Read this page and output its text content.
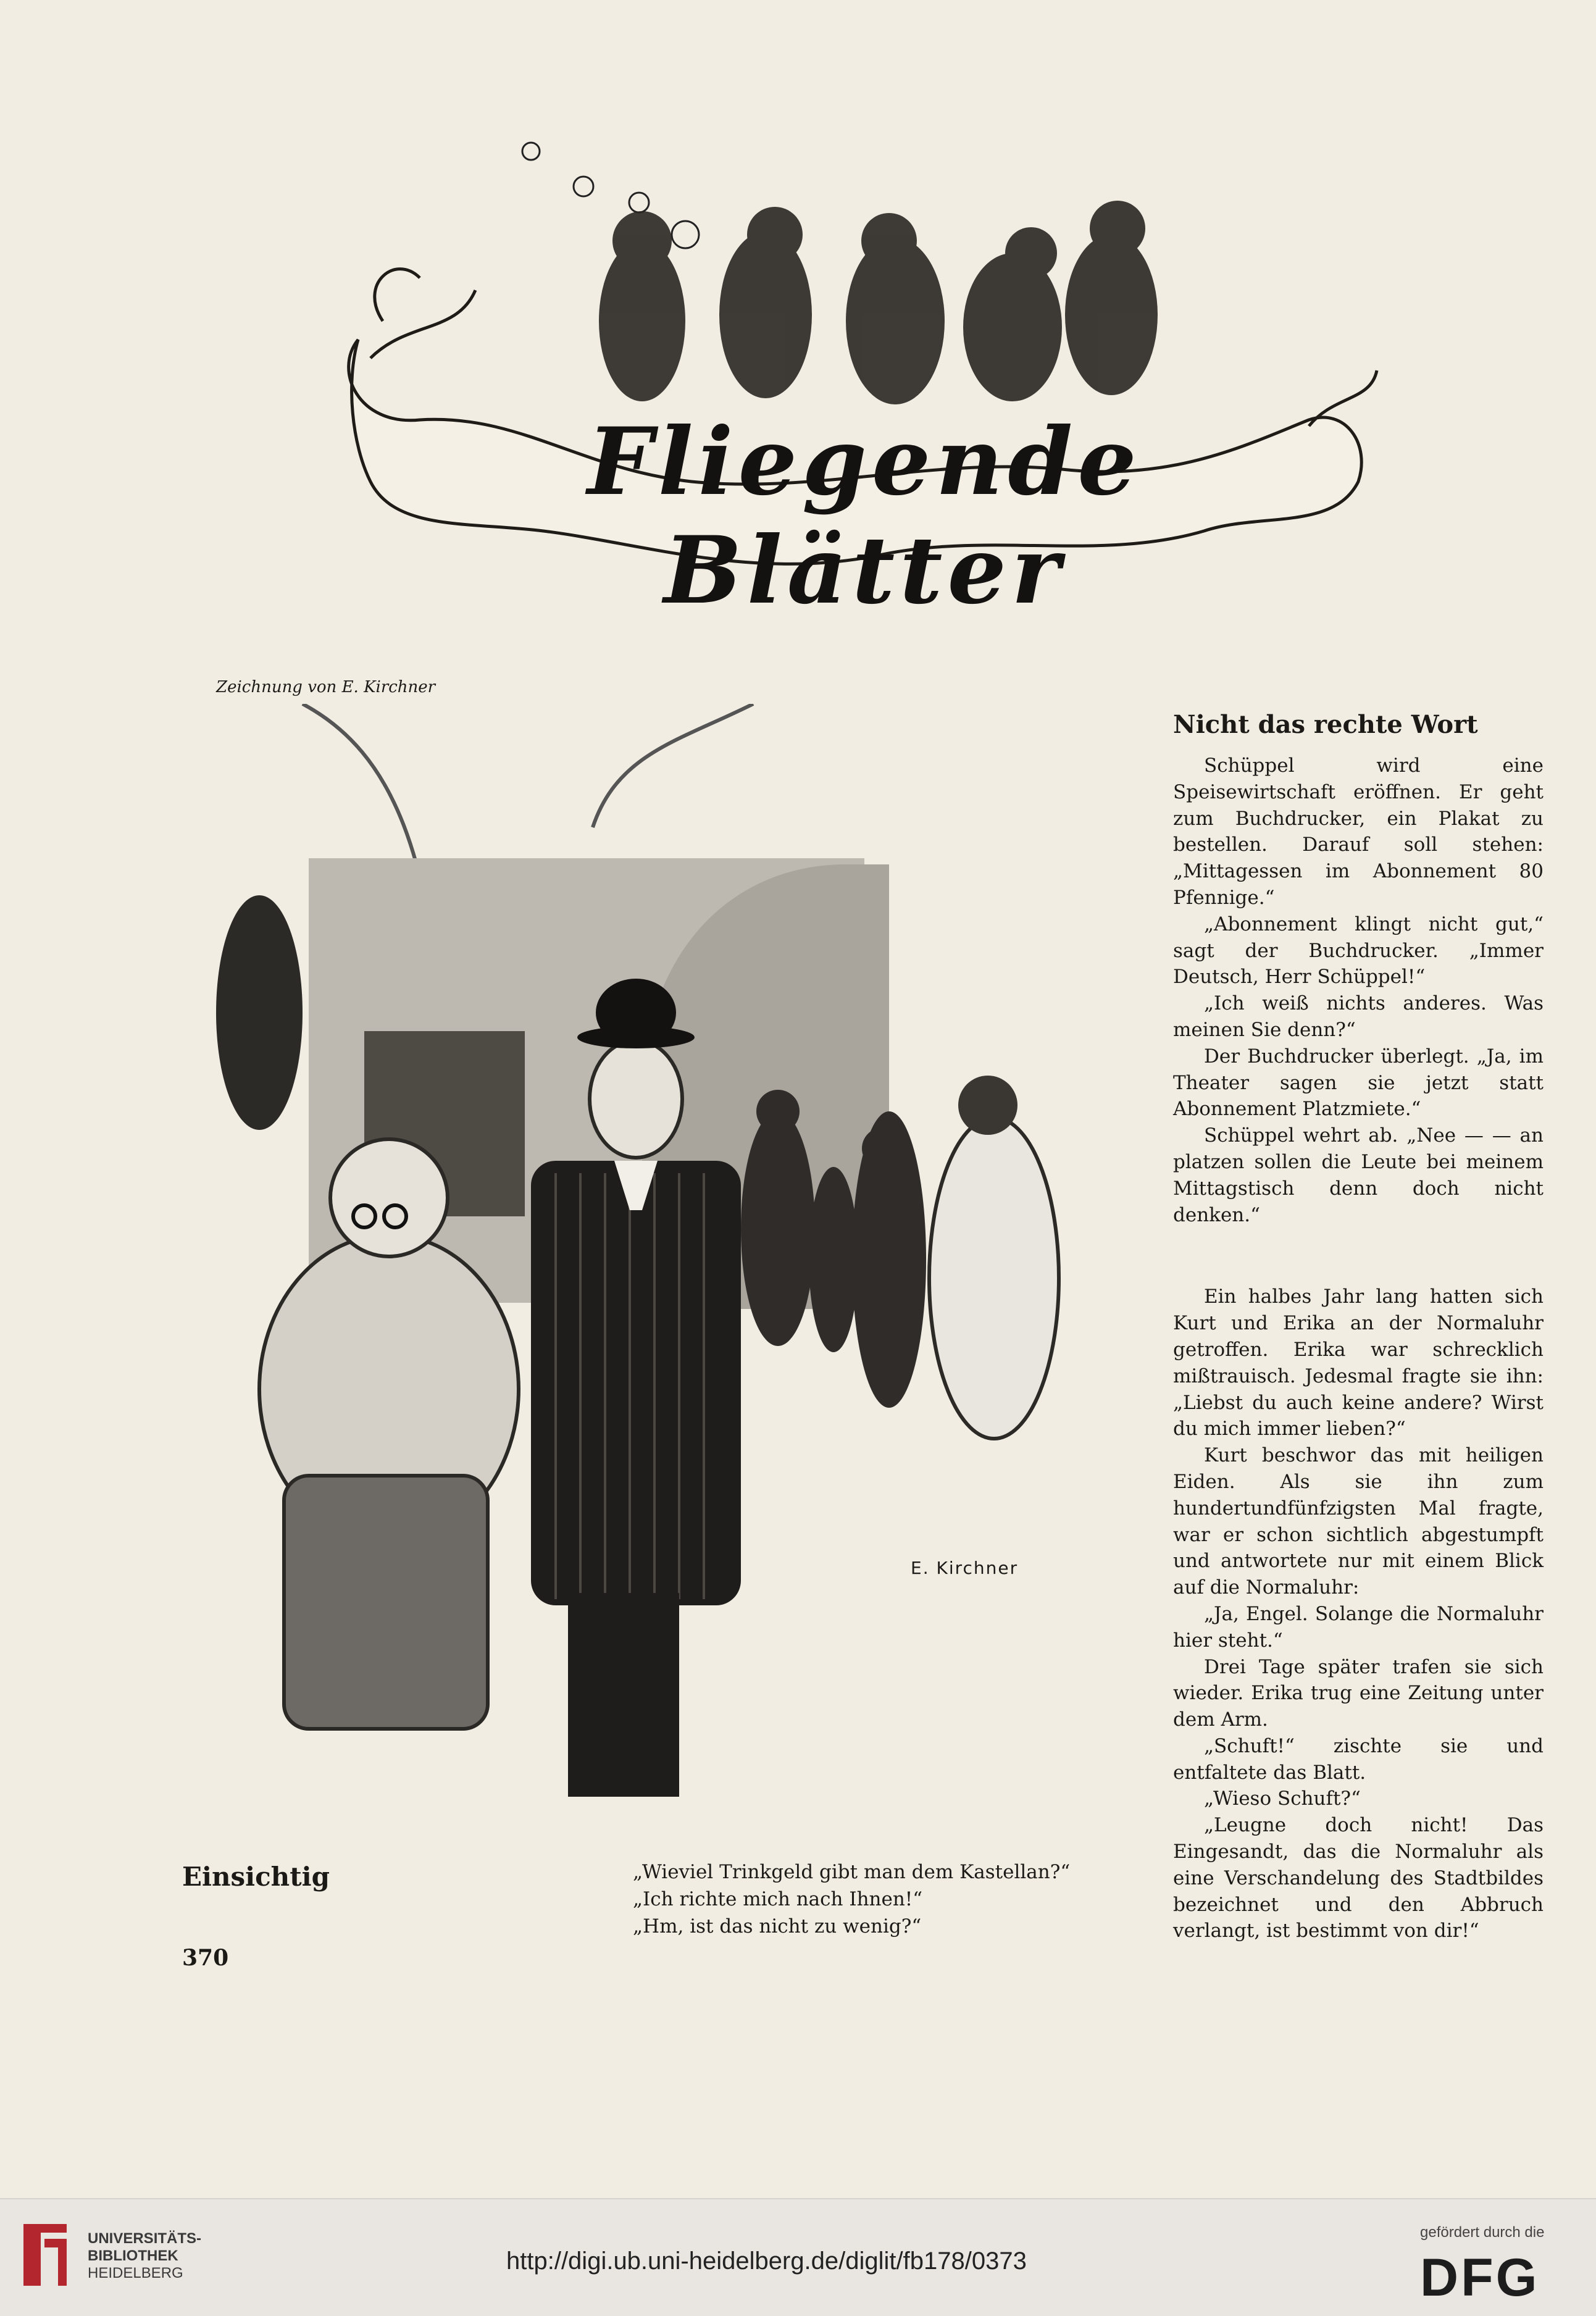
Fliegende Blätter
Zeichnung von E. Kirchner
E. Kirchner
Einsichtig	„Wieviel Trinkgeld gibt man dem Kastellan?“
„Ich richte mich nach Ihnen!“
„Hm, ist das nicht zu wenig?“
370
Nicht das rechte Wort

Schüppel wird eine Speisewirtschaft eröffnen. Er geht zum Buchdrucker, ein Plakat zu bestellen. Darauf soll stehen: „Mittagessen im Abonnement 80 Pfennige.“

„Abonnement klingt nicht gut,“ sagt der Buchdrucker. „Immer Deutsch, Herr Schüppel!“

„Ich weiß nichts anderes. Was meinen Sie denn?“

Der Buchdrucker überlegt. „Ja, im Theater sagen sie jetzt statt Abonnement Platzmiete.“

Schüppel wehrt ab. „Nee — — an platzen sollen die Leute bei meinem Mittagstisch denn doch nicht denken.“

Ein halbes Jahr lang hatten sich Kurt und Erika an der Normaluhr getroffen. Erika war schrecklich mißtrauisch. Jedesmal fragte sie ihn: „Liebst du auch keine andere? Wirst du mich immer lieben?“

Kurt beschwor das mit heiligen Eiden. Als sie ihn zum hundertundfünfzigsten Mal fragte, war er schon sichtlich abgestumpft und antwortete nur mit einem Blick auf die Normaluhr:

„Ja, Engel. Solange die Normaluhr hier steht.“

Drei Tage später trafen sie sich wieder. Erika trug eine Zeitung unter dem Arm.

„Schuft!“ zischte sie und entfaltete das Blatt.

„Wieso Schuft?“

„Leugne doch nicht! Das Eingesandt, das die Normaluhr als eine Verschandelung des Stadtbildes bezeichnet und den Abbruch verlangt, ist bestimmt von dir!“

UNIVERSITÄTS-
BIBLIOTHEK
HEIDELBERG	http://digi.ub.uni-heidelberg.de/diglit/fb178/0373
gefördert durch die
DFG
